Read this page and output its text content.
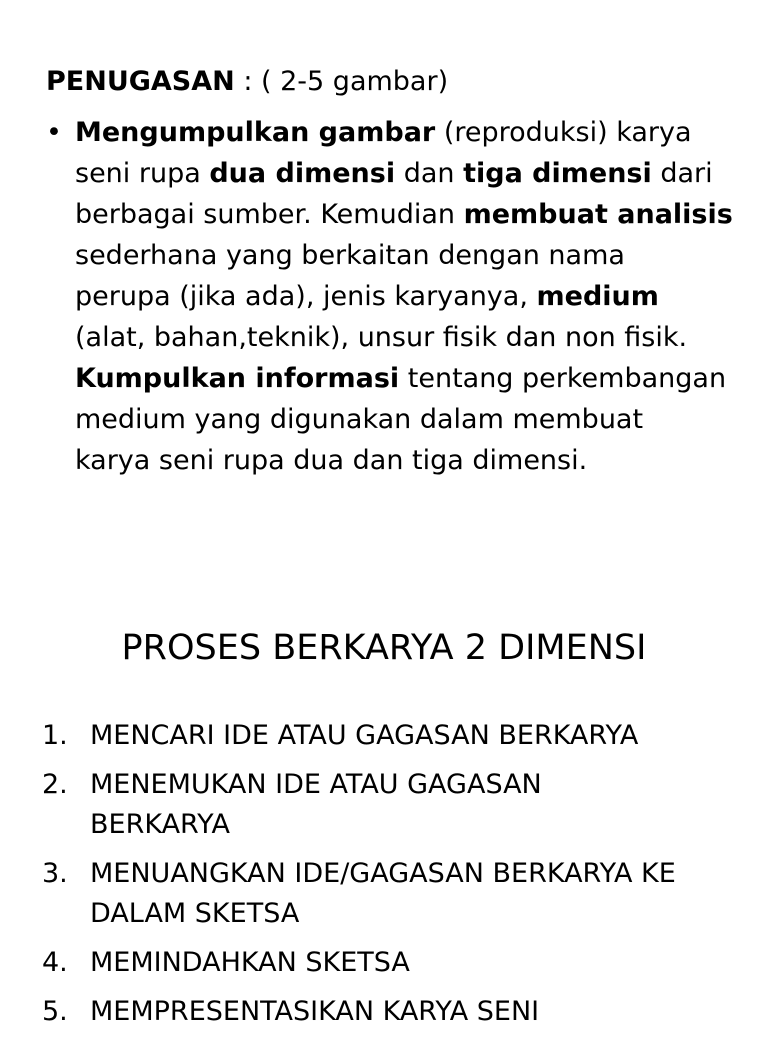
PENUGASAN : ( 2-5 gambar)
• Mengumpulkan gambar (reproduksi) karya
seni rupa dua dimensi dan tiga dimensi dari
berbagai sumber. Kemudian membuat analisis
sederhana yang berkaitan dengan nama
perupa (jika ada), jenis karyanya, medium
(alat, bahan,teknik), unsur fisik dan non fisik.
Kumpulkan informasi tentang perkembangan
medium yang digunakan dalam membuat
karya seni rupa dua dan tiga dimensi.
PROSES BERKARYA 2 DIMENSI
1. MENCARI IDE ATAU GAGASAN BERKARYA
2. MENEMUKAN IDE ATAU GAGASAN
BERKARYA
3. MENUANGKAN IDE/GAGASAN BERKARYA KE
DALAM SKETSA
4. MEMINDAHKAN SKETSA
5. MEMPRESENTASIKAN KARYA SENI
